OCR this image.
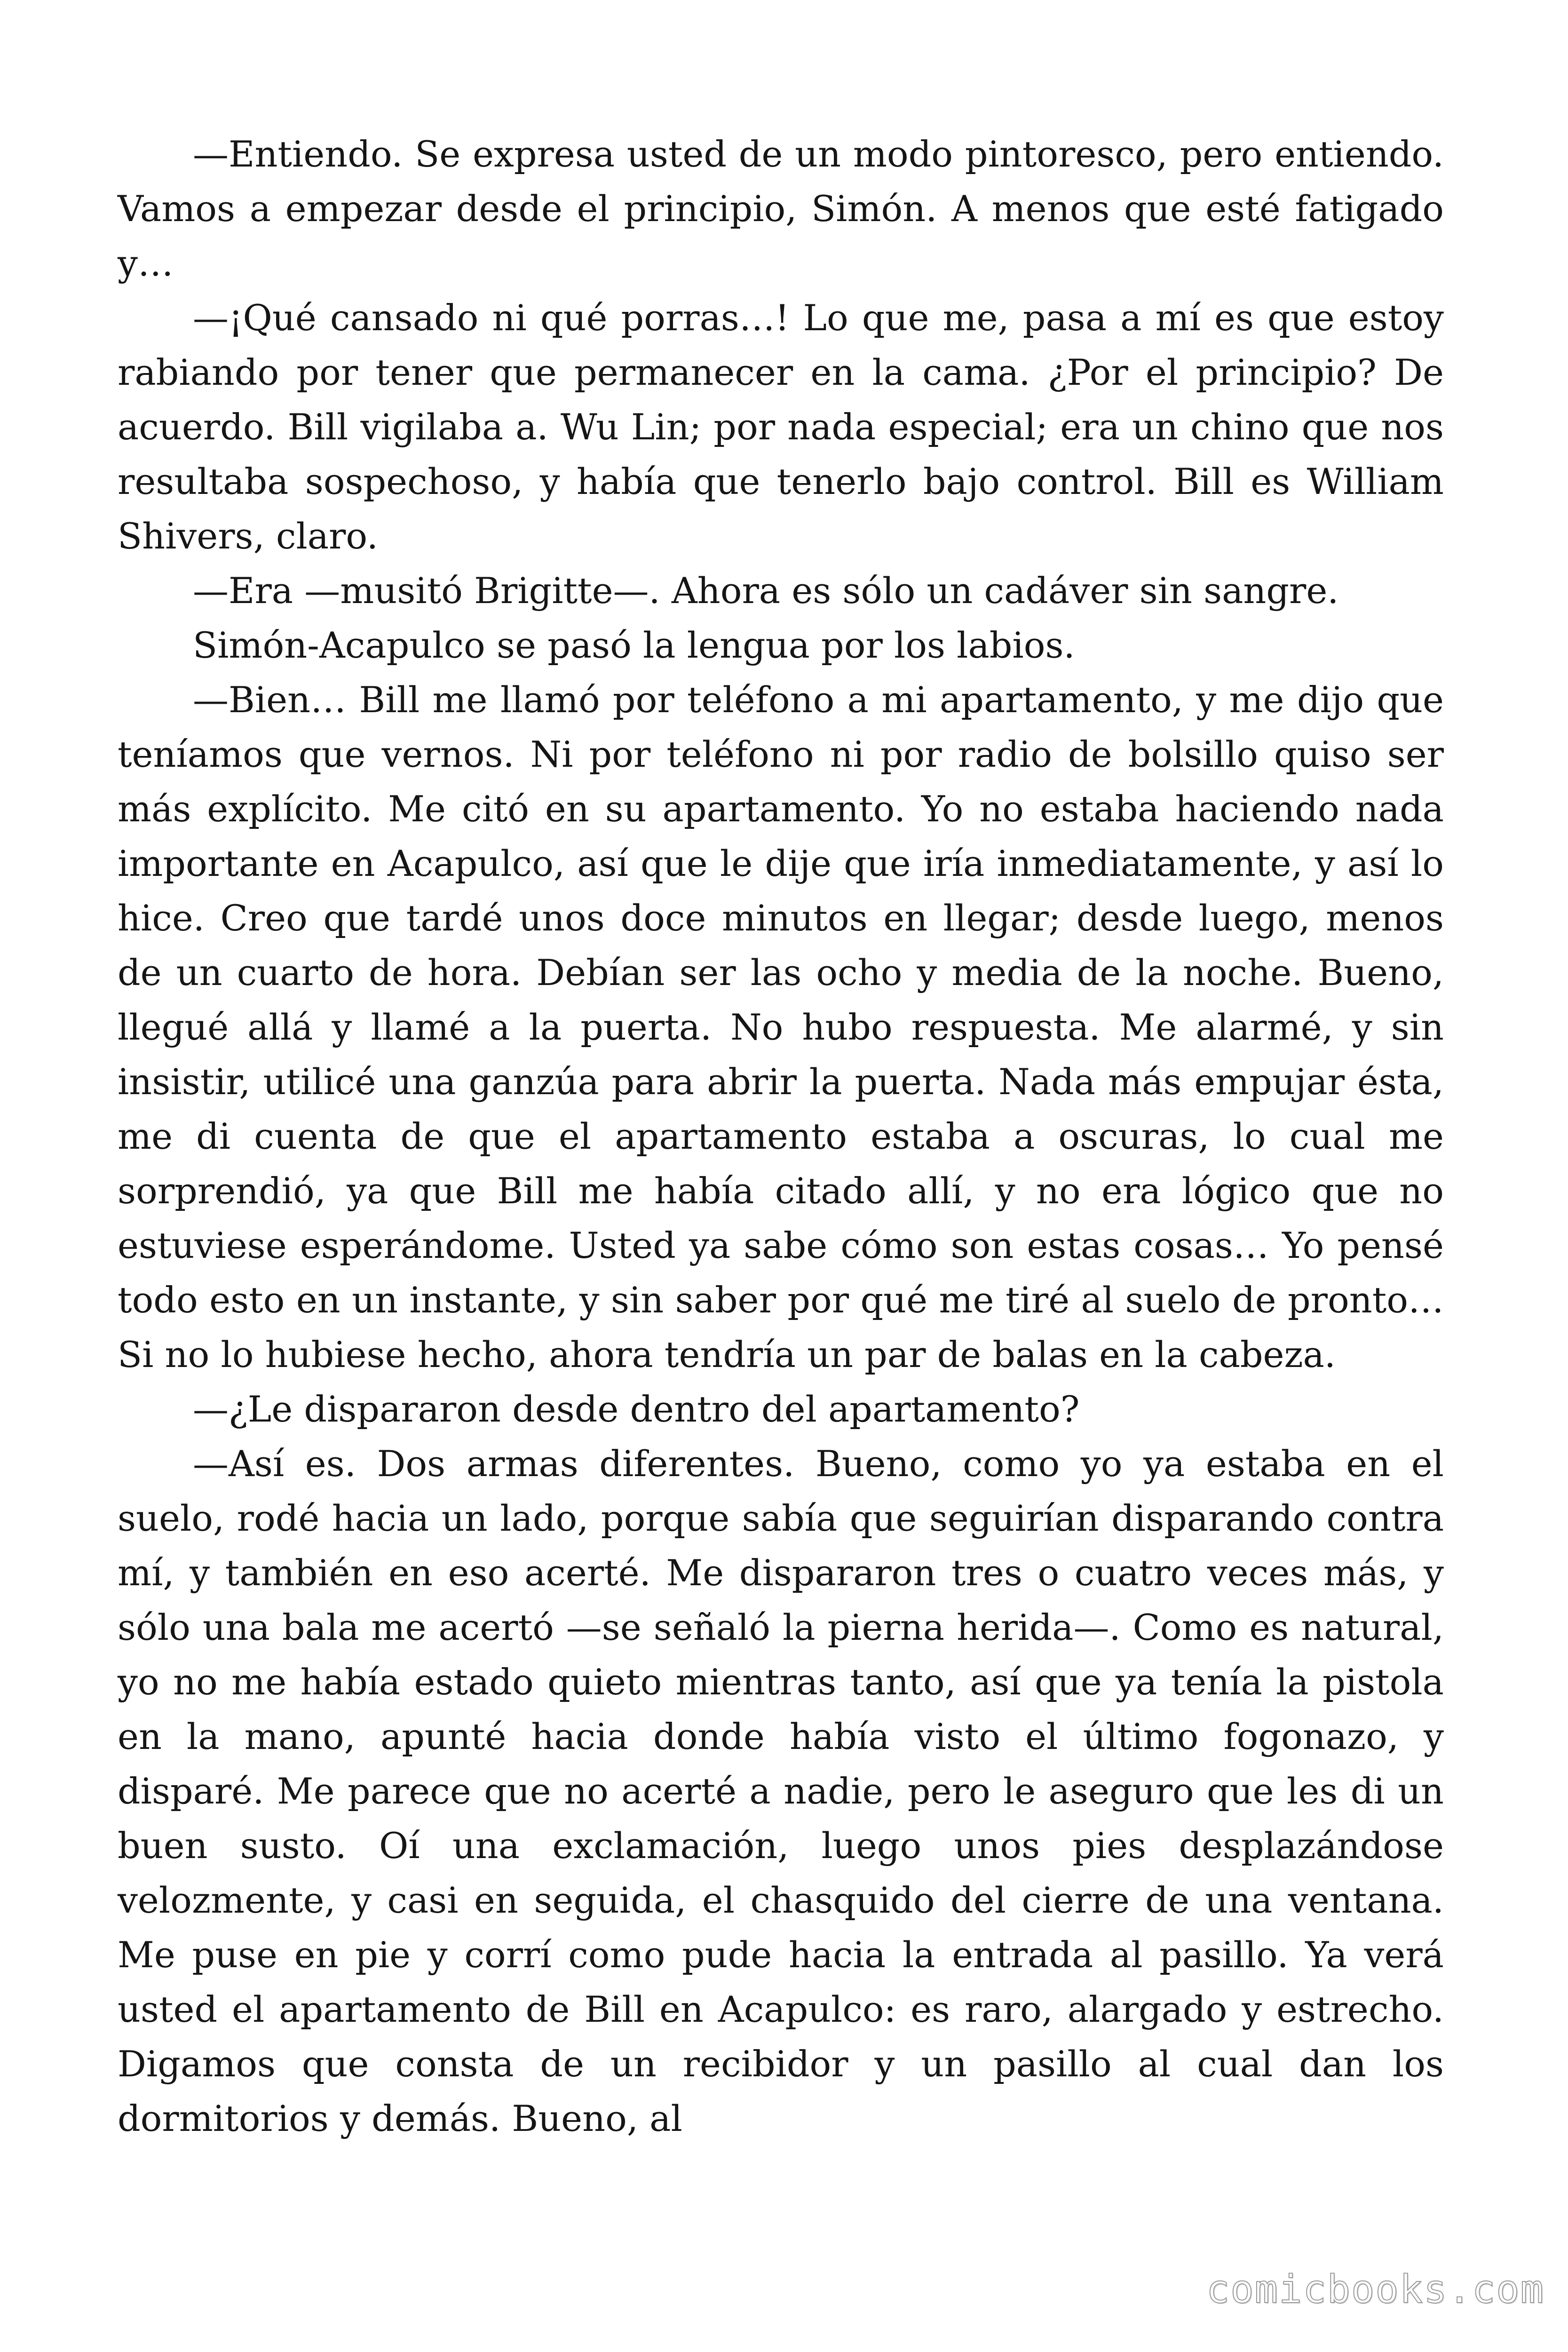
—Entiendo. Se expresa usted de un modo pintoresco, pero entiendo. Vamos a empezar desde el principio, Simón. A menos que esté fatigado y…

—¡Qué cansado ni qué porras…! Lo que me, pasa a mí es que estoy rabiando por tener que permanecer en la cama. ¿Por el principio? De acuerdo. Bill vigilaba a. Wu Lin; por nada especial; era un chino que nos resultaba sospechoso, y había que tenerlo bajo control. Bill es William Shivers, claro.

—Era —musitó Brigitte—. Ahora es sólo un cadáver sin sangre.

Simón-Acapulco se pasó la lengua por los labios.

—Bien… Bill me llamó por teléfono a mi apartamento, y me dijo que teníamos que vernos. Ni por teléfono ni por radio de bolsillo quiso ser más explícito. Me citó en su apartamento. Yo no estaba haciendo nada importante en Acapulco, así que le dije que iría inmediatamente, y así lo hice. Creo que tardé unos doce minutos en llegar; desde luego, menos de un cuarto de hora. Debían ser las ocho y media de la noche. Bueno, llegué allá y llamé a la puerta. No hubo respuesta. Me alarmé, y sin insistir, utilicé una ganzúa para abrir la puerta. Nada más empujar ésta, me di cuenta de que el apartamento estaba a oscuras, lo cual me sorprendió, ya que Bill me había citado allí, y no era lógico que no estuviese esperándome. Usted ya sabe cómo son estas cosas… Yo pensé todo esto en un instante, y sin saber por qué me tiré al suelo de pronto… Si no lo hubiese hecho, ahora tendría un par de balas en la cabeza.

—¿Le dispararon desde dentro del apartamento?

—Así es. Dos armas diferentes. Bueno, como yo ya estaba en el suelo, rodé hacia un lado, porque sabía que seguirían disparando contra mí, y también en eso acerté. Me dispararon tres o cuatro veces más, y sólo una bala me acertó —se señaló la pierna herida—. Como es natural, yo no me había estado quieto mientras tanto, así que ya tenía la pistola en la mano, apunté hacia donde había visto el último fogonazo, y disparé. Me parece que no acerté a nadie, pero le aseguro que les di un buen susto. Oí una exclamación, luego unos pies desplazándose velozmente, y casi en seguida, el chasquido del cierre de una ventana. Me puse en pie y corrí como pude hacia la entrada al pasillo. Ya verá usted el apartamento de Bill en Acapulco: es raro, alargado y estrecho. Digamos que consta de un recibidor y un pasillo al cual dan los dormitorios y demás. Bueno, al

comicbooks.com
